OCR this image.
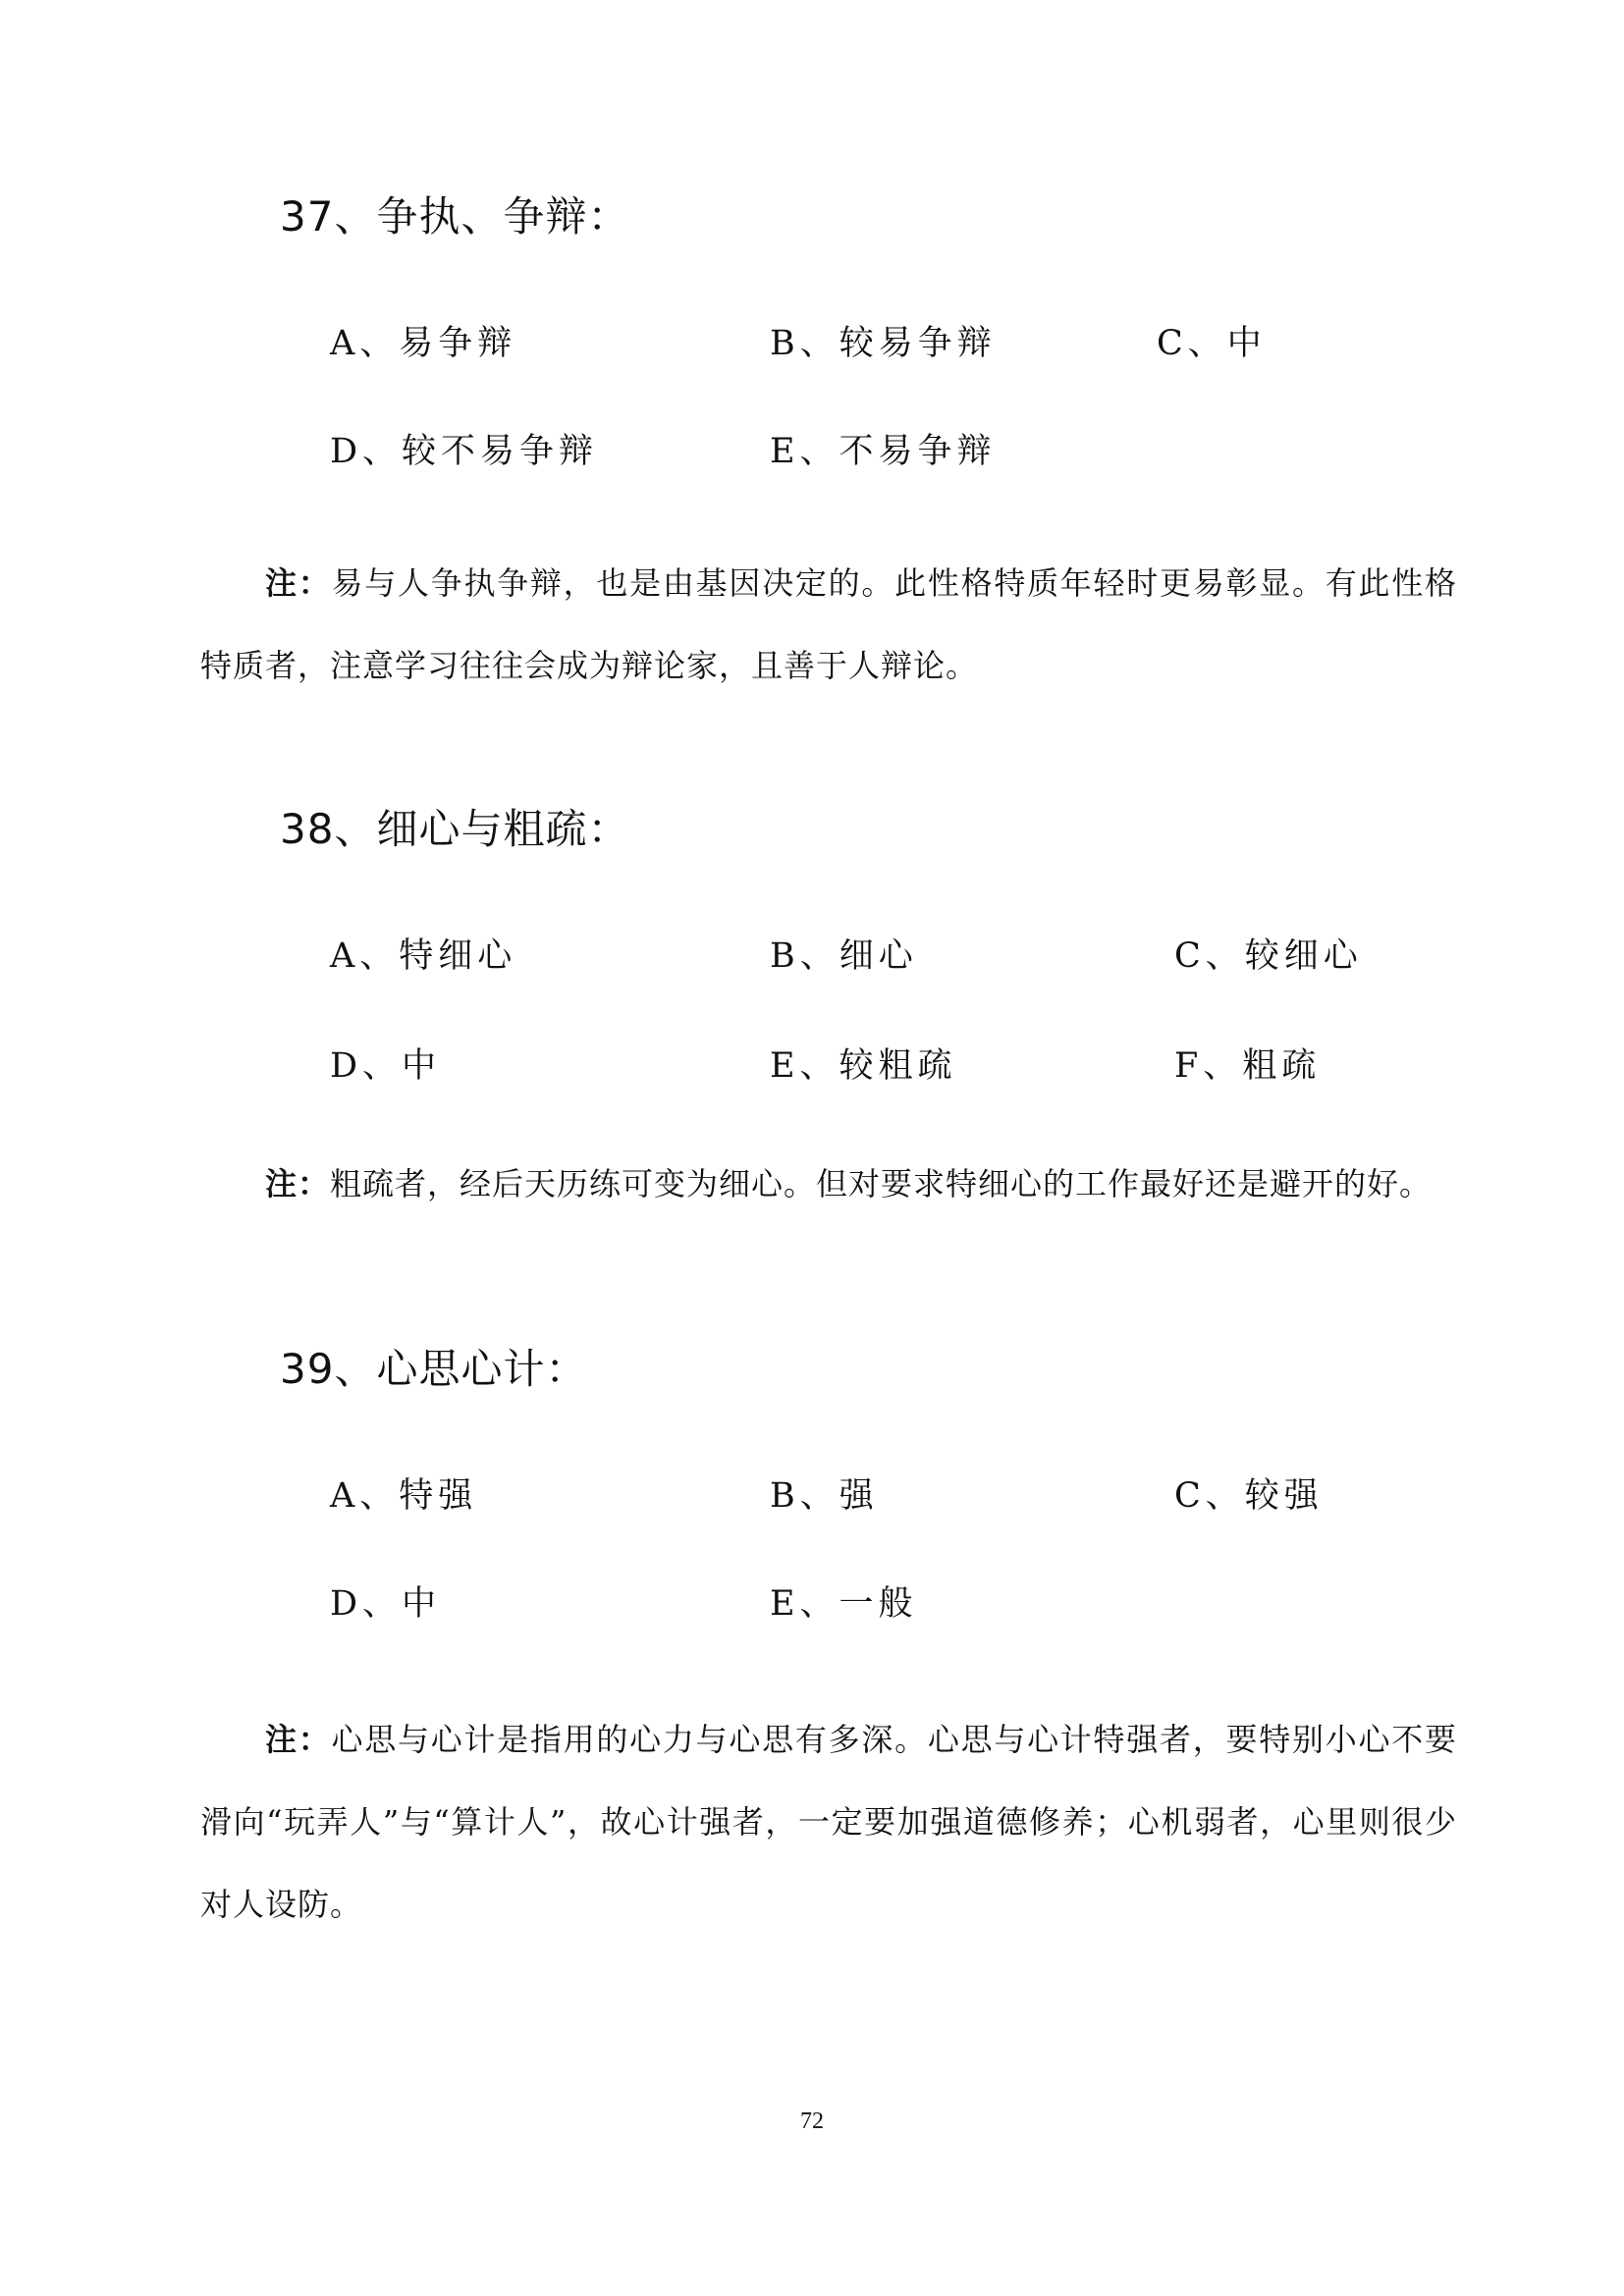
37、争执、争辩：
A、易争辩	B、较易争辩	C、中
D、较不易争辩	E、不易争辩
注：易与人争执争辩，也是由基因决定的。此性格特质年轻时更易彰显。有此性格特质者，注意学习往往会成为辩论家，且善于人辩论。
38、细心与粗疏：
A、特细心	B、细心	C、较细心
D、中	E、较粗疏	F、粗疏
注：粗疏者，经后天历练可变为细心。但对要求特细心的工作最好还是避开的好。
39、心思心计：
A、特强	B、强	C、较强
D、中	E、一般
注：心思与心计是指用的心力与心思有多深。心思与心计特强者，要特别小心不要滑向“玩弄人”与“算计人”，故心计强者，一定要加强道德修养；心机弱者，心里则很少对人设防。
72
